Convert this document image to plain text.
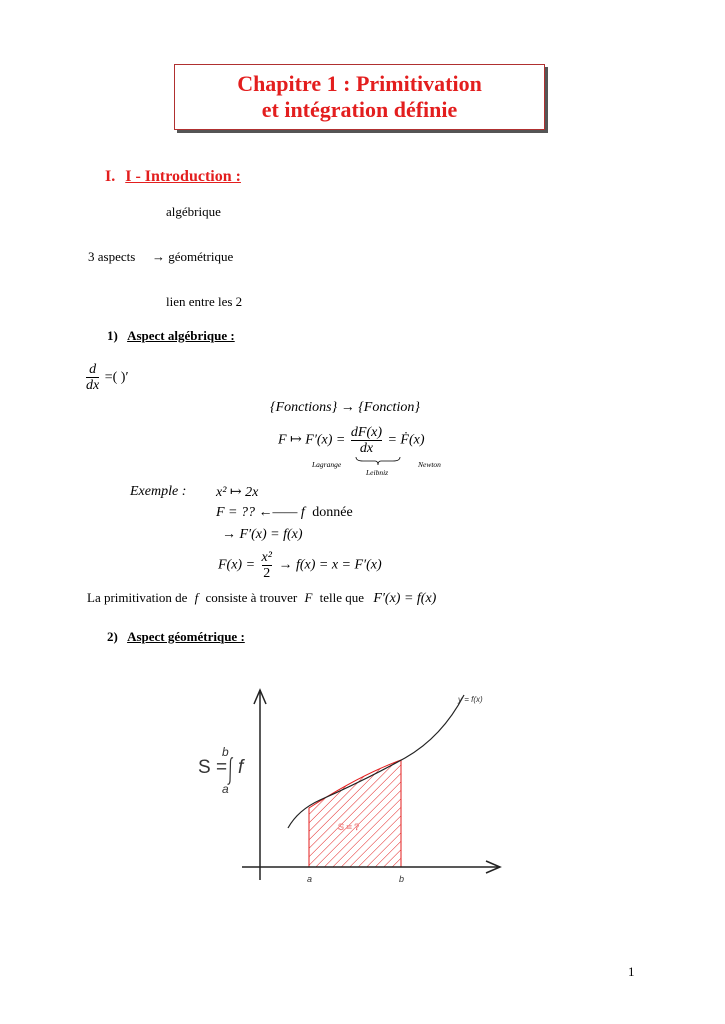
Chapitre 1 : Primitivation
et intégration définie
I. I - Introduction :
algébrique
3 aspects → géométrique
lien entre les 2
1) Aspect algébrique :
$\frac{d}{dx}$ =( )′
{Fonctions} → {Fonction}
F ↦ $F'(x) = \frac{dF(x)}{dx}$ = Ḟ(x)
Lagrange
Leibniz
Newton
Exemple : x² ↦ 2x
F = ?? ←—— f donnée
→ F′(x) = f(x)
$F(x) = \frac{\text{x²}}{2} \to f(x) = x = F'(x)$
La primitivation de f consiste à trouver F telle que F′(x) = f(x)
2) Aspect géométrique :
S = ?
a	b
y = f(x)
S =
b
a
f
1
